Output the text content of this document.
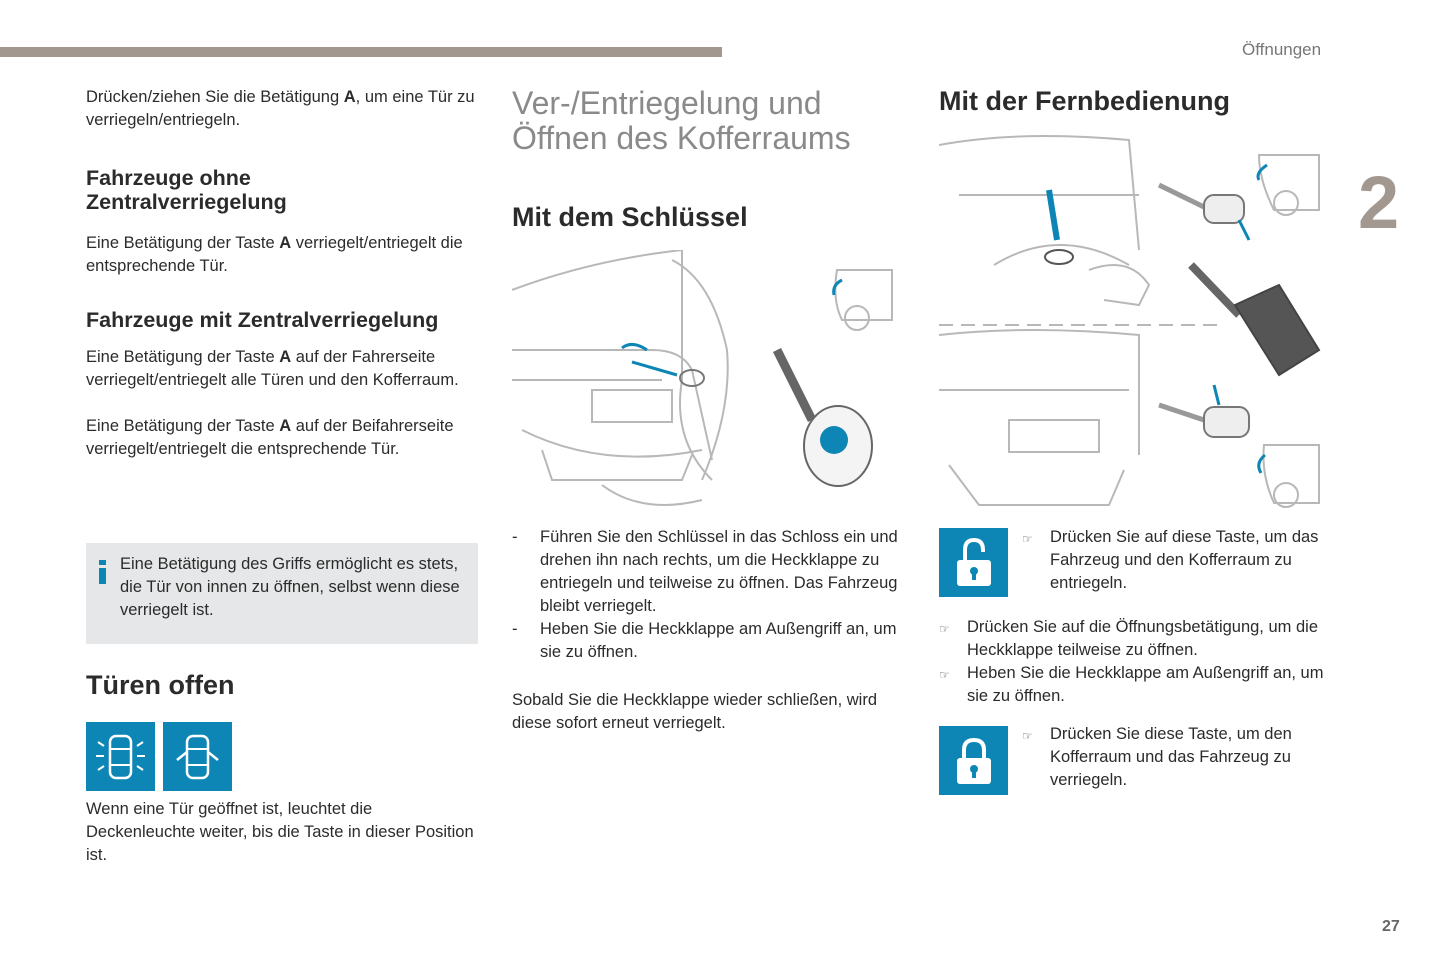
Öffnungen
2
27
Drücken/ziehen Sie die Betätigung A, um eine Tür zu verriegeln/entriegeln.
Fahrzeuge ohne
Zentralverriegelung
Eine Betätigung der Taste A verriegelt/entriegelt die entsprechende Tür.
Fahrzeuge mit Zentralverriegelung
Eine Betätigung der Taste A auf der Fahrerseite verriegelt/entriegelt alle Türen und den Kofferraum.
Eine Betätigung der Taste A auf der Beifahrerseite verriegelt/entriegelt die entsprechende Tür.
Eine Betätigung des Griffs ermöglicht es stets, die Tür von innen zu öffnen, selbst wenn diese verriegelt ist.
Türen offen
Wenn eine Tür geöffnet ist, leuchtet die Deckenleuchte weiter, bis die Taste in dieser Position ist.
Ver-/Entriegelung und
Öffnen des Kofferraums
Mit dem Schlüssel
-	Führen Sie den Schlüssel in das Schloss ein und drehen ihn nach rechts, um die Heckklappe zu entriegeln und teilweise zu öffnen. Das Fahrzeug bleibt verriegelt.
-	Heben Sie die Heckklappe am Außengriff an, um sie zu öffnen.
Sobald Sie die Heckklappe wieder schließen, wird diese sofort erneut verriegelt.
Mit der Fernbedienung
☞	Drücken Sie auf diese Taste, um das Fahrzeug und den Kofferraum zu entriegeln.
☞	Drücken Sie auf die Öffnungsbetätigung, um die Heckklappe teilweise zu öffnen.
☞	Heben Sie die Heckklappe am Außengriff an, um sie zu öffnen.
☞	Drücken Sie diese Taste, um den Kofferraum und das Fahrzeug zu verriegeln.
